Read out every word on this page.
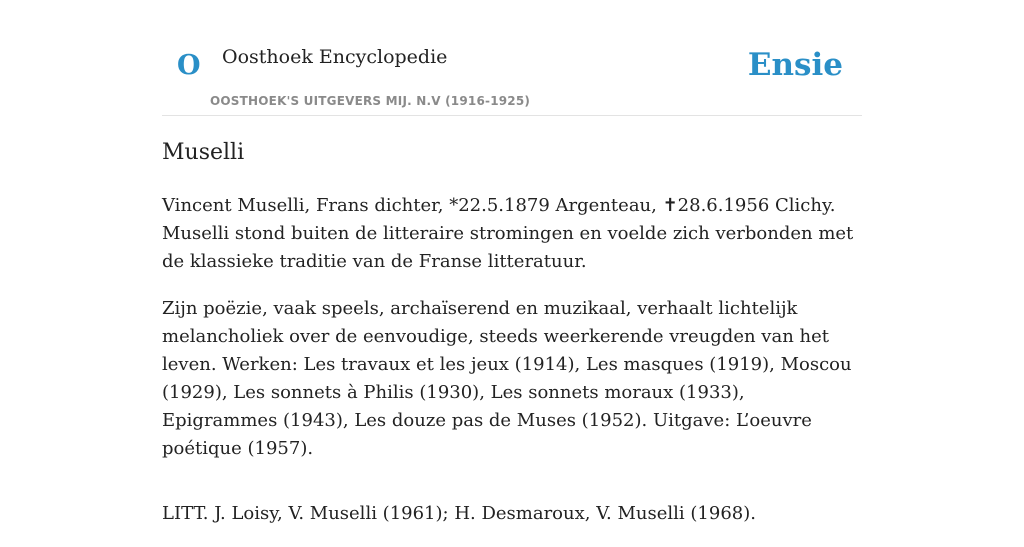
O Oosthoek Encyclopedie
OOSTHOEK'S UITGEVERS MIJ. N.V (1916-1925)
Ensie
Muselli

Vincent Muselli, Frans dichter, *22.5.1879 Argenteau, ✝28.6.1956 Clichy. Muselli stond buiten de litteraire stromingen en voelde zich verbonden met de klassieke traditie van de Franse litteratuur.

Zijn poëzie, vaak speels, archaïserend en muzikaal, verhaalt lichtelijk melancholiek over de eenvoudige, steeds weerkerende vreugden van het leven. Werken: Les travaux et les jeux (1914), Les masques (1919), Moscou (1929), Les sonnets à Philis (1930), Les sonnets moraux (1933), Epigrammes (1943), Les douze pas de Muses (1952). Uitgave: L’oeuvre poétique (1957).

LITT. J. Loisy, V. Muselli (1961); H. Desmaroux, V. Muselli (1968).
